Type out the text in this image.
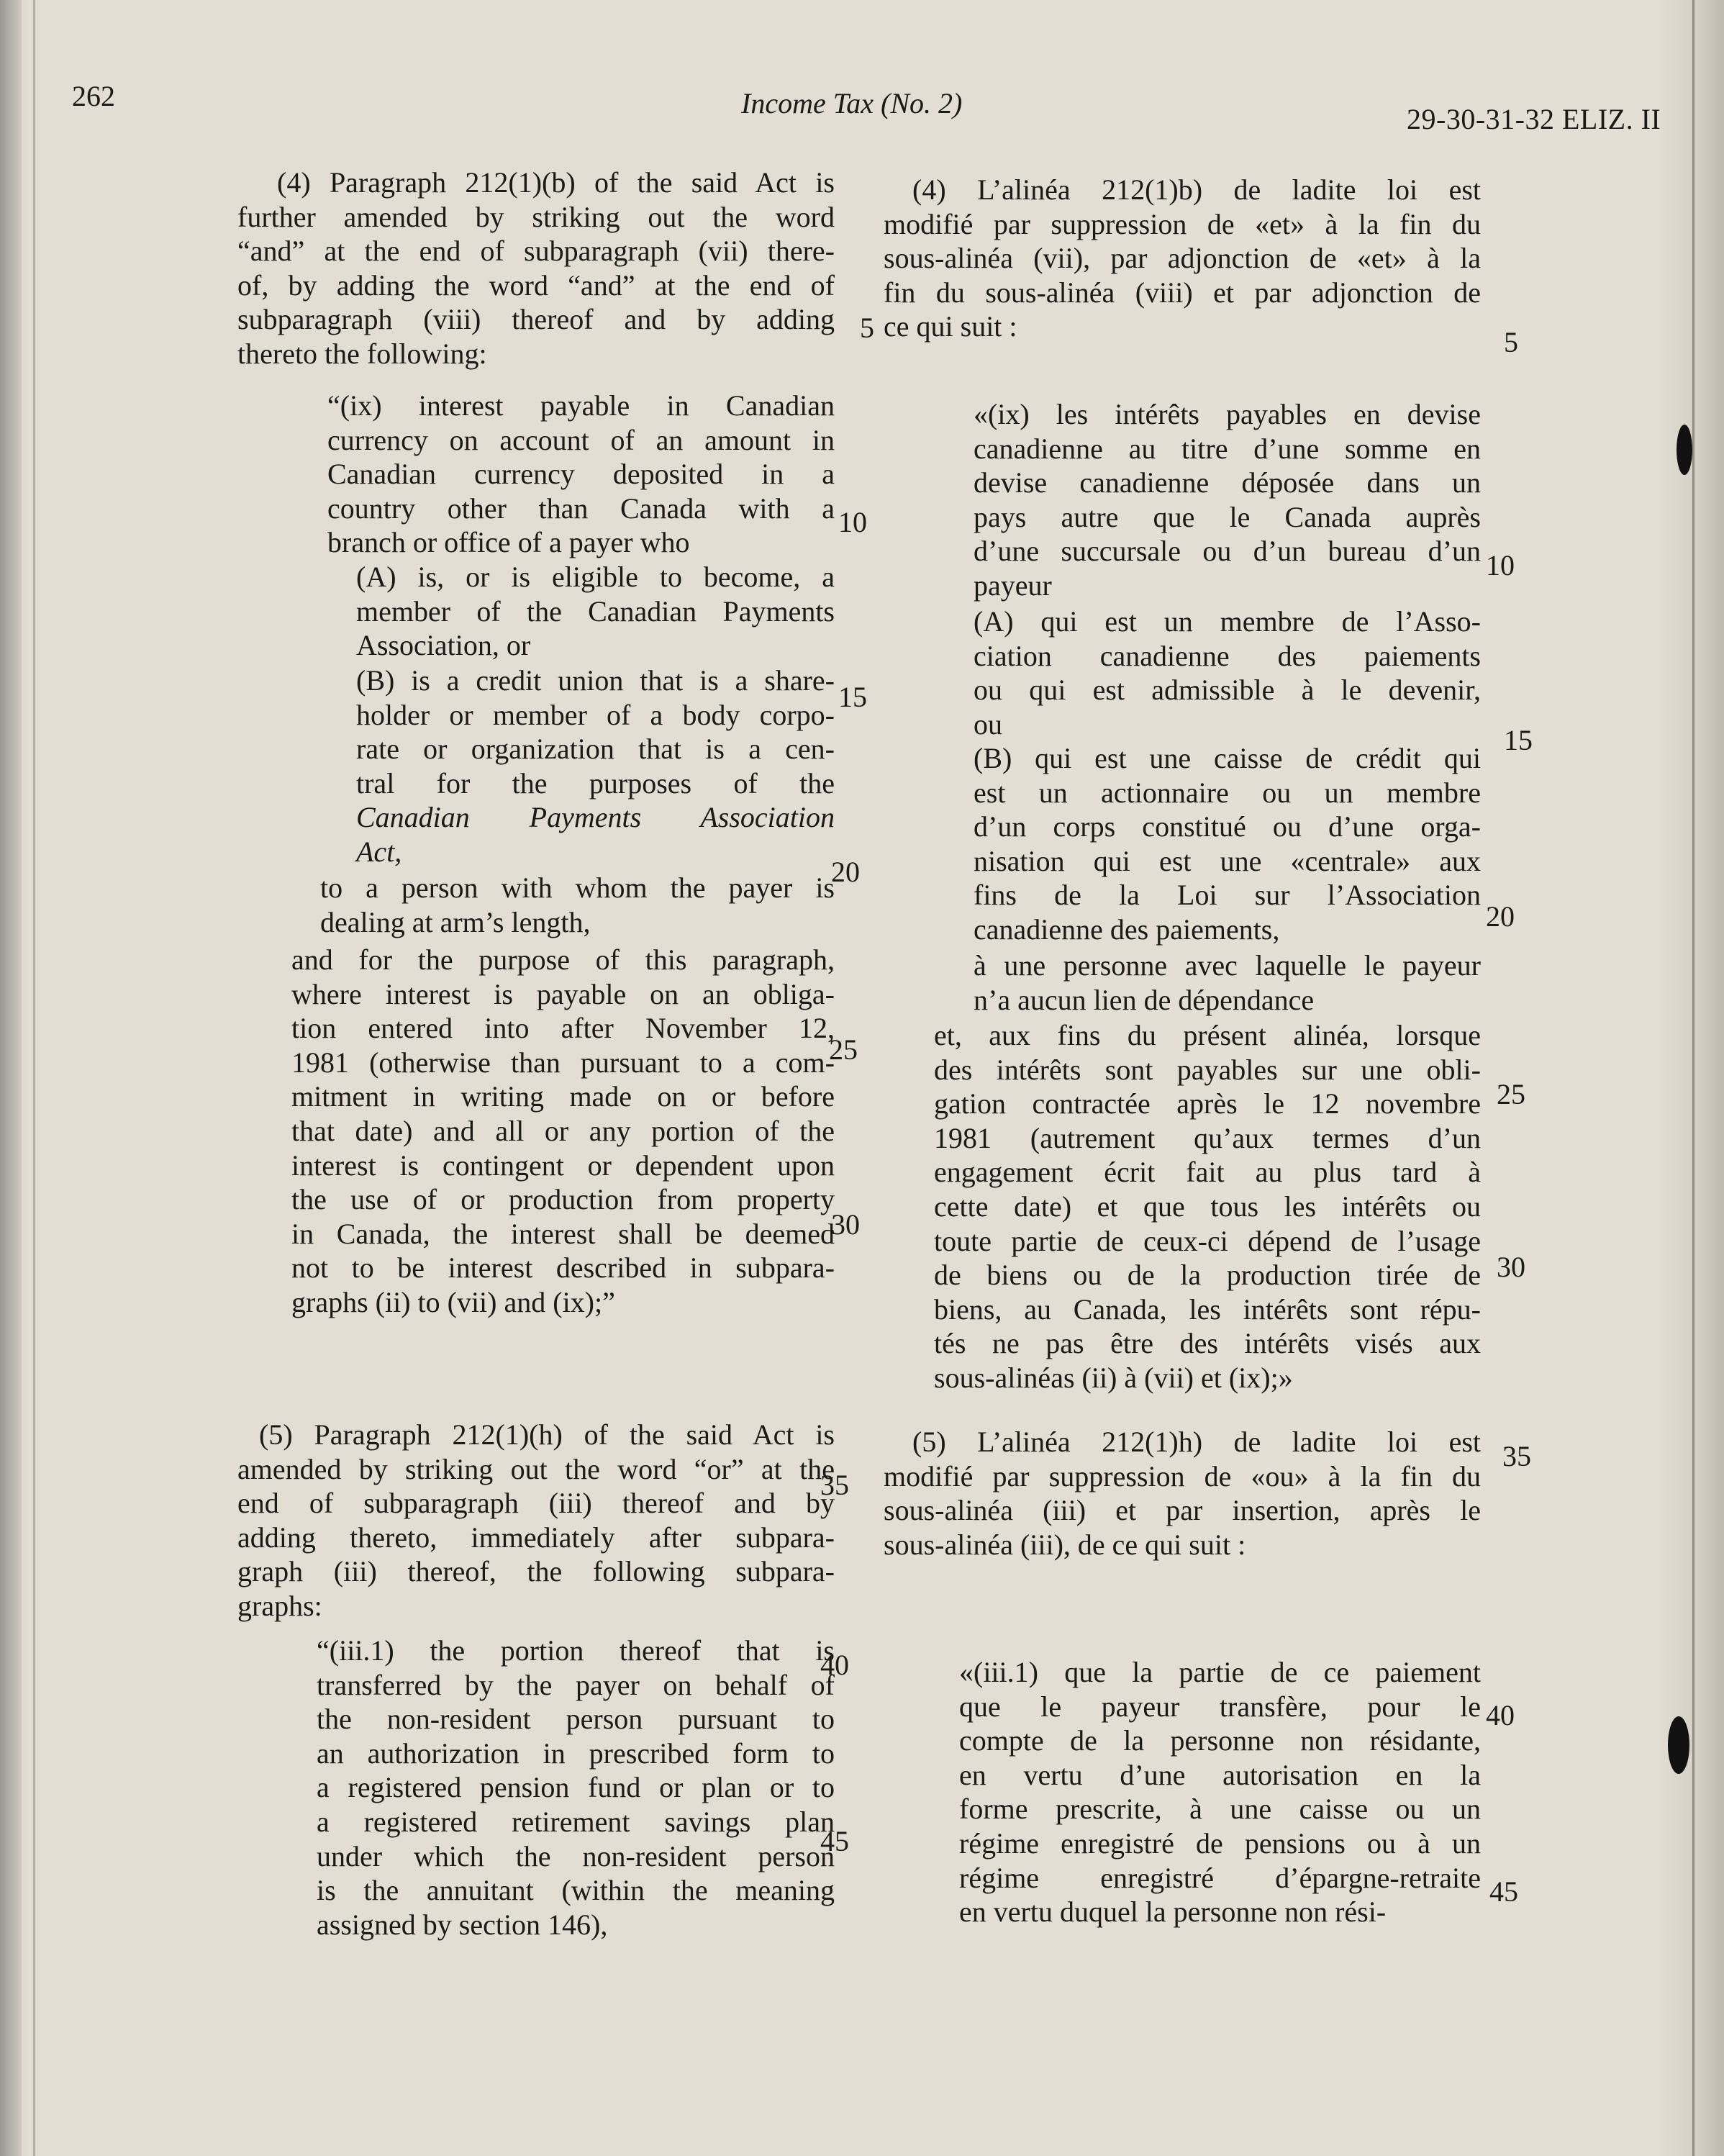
262	Income Tax (No. 2)	29-30-31-32 ELIZ. II
(4) Paragraph 212(1)(b) of the said Act is
further amended by striking out the word
“and” at the end of subparagraph (vii) there-
of, by adding the word “and” at the end of
subparagraph (viii) thereof and by adding
thereto the following:
“(ix) interest payable in Canadian
currency on account of an amount in
Canadian currency deposited in a
country other than Canada with a
branch or office of a payer who
(A) is, or is eligible to become, a
member of the Canadian Payments
Association, or
(B) is a credit union that is a share-
holder or member of a body corpo-
rate or organization that is a cen-
tral for the purposes of the
Canadian Payments Association
Act,
to a person with whom the payer is
dealing at arm’s length,
and for the purpose of this paragraph,
where interest is payable on an obliga-
tion entered into after November 12,
1981 (otherwise than pursuant to a com-
mitment in writing made on or before
that date) and all or any portion of the
interest is contingent or dependent upon
the use of or production from property
in Canada, the interest shall be deemed
not to be interest described in subpara-
graphs (ii) to (vii) and (ix);”
(5) Paragraph 212(1)(h) of the said Act is
amended by striking out the word “or” at the
end of subparagraph (iii) thereof and by
adding thereto, immediately after subpara-
graph (iii) thereof, the following subpara-
graphs:
“(iii.1) the portion thereof that is
transferred by the payer on behalf of
the non-resident person pursuant to
an authorization in prescribed form to
a registered pension fund or plan or to
a registered retirement savings plan
under which the non-resident person
is the annuitant (within the meaning
assigned by section 146),
(4) L’alinéa 212(1)b) de ladite loi est
modifié par suppression de «et» à la fin du
sous-alinéa (vii), par adjonction de «et» à la
fin du sous-alinéa (viii) et par adjonction de
ce qui suit :
«(ix) les intérêts payables en devise
canadienne au titre d’une somme en
devise canadienne déposée dans un
pays autre que le Canada auprès
d’une succursale ou d’un bureau d’un
payeur
(A) qui est un membre de l’Asso-
ciation canadienne des paiements
ou qui est admissible à le devenir,
ou
(B) qui est une caisse de crédit qui
est un actionnaire ou un membre
d’un corps constitué ou d’une orga-
nisation qui est une «centrale» aux
fins de la Loi sur l’Association
canadienne des paiements,
à une personne avec laquelle le payeur
n’a aucun lien de dépendance
et, aux fins du présent alinéa, lorsque
des intérêts sont payables sur une obli-
gation contractée après le 12 novembre
1981 (autrement qu’aux termes d’un
engagement écrit fait au plus tard à
cette date) et que tous les intérêts ou
toute partie de ceux-ci dépend de l’usage
de biens ou de la production tirée de
biens, au Canada, les intérêts sont répu-
tés ne pas être des intérêts visés aux
sous-alinéas (ii) à (vii) et (ix);»
(5) L’alinéa 212(1)h) de ladite loi est
modifié par suppression de «ou» à la fin du
sous-alinéa (iii) et par insertion, après le
sous-alinéa (iii), de ce qui suit :
«(iii.1) que la partie de ce paiement
que le payeur transfère, pour le
compte de la personne non résidante,
en vertu d’une autorisation en la
forme prescrite, à une caisse ou un
régime enregistré de pensions ou à un
régime enregistré d’épargne-retraite
en vertu duquel la personne non rési-
5
10
15
20
25
30
35
40
45
5
10
15
20
25
30
35
40
45
